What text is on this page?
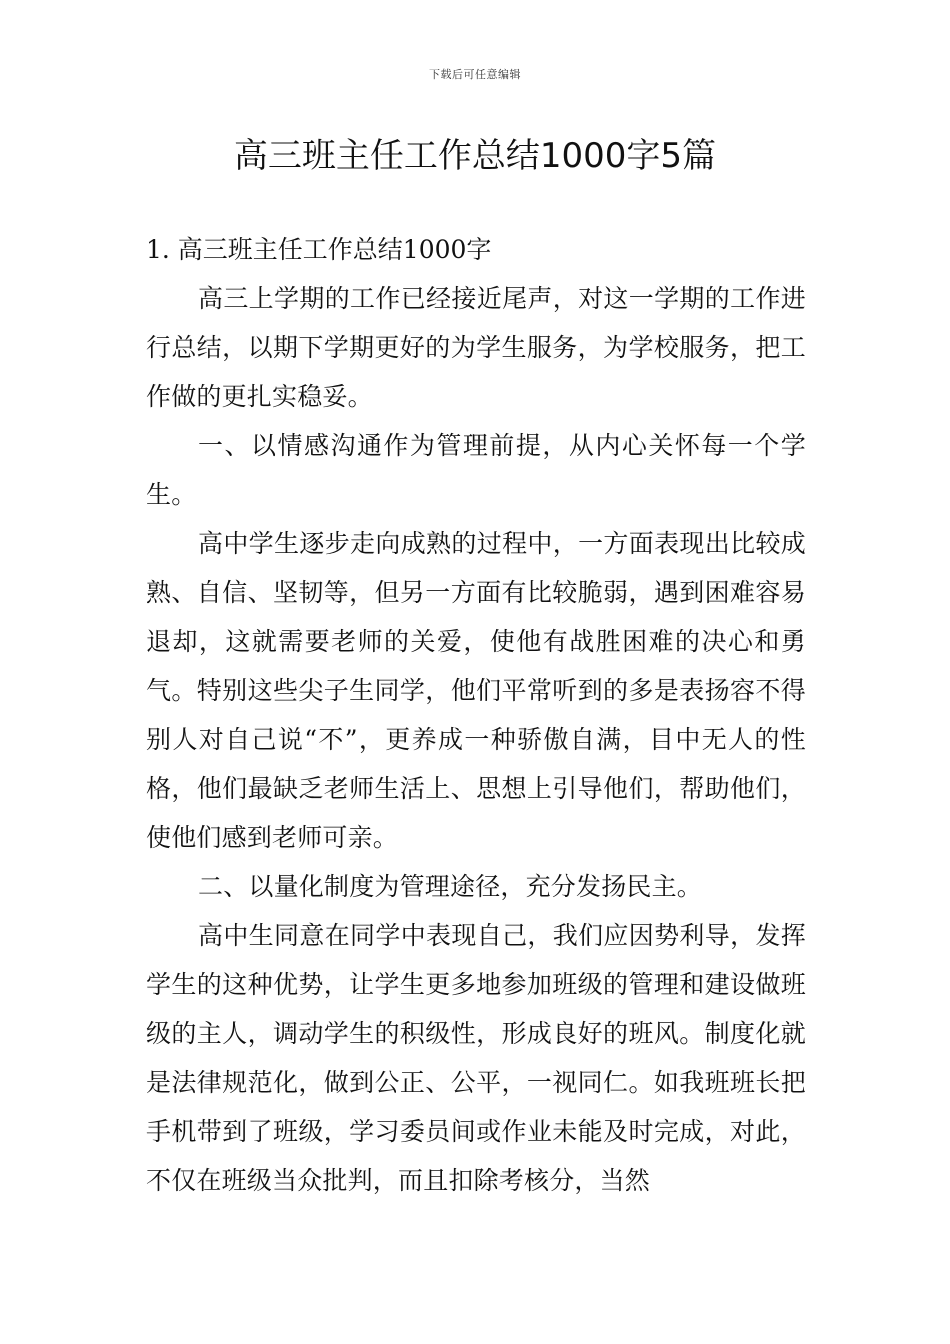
下载后可任意编辑
高三班主任工作总结1000字5篇

1. 高三班主任工作总结1000字

高三上学期的工作已经接近尾声，对这一学期的工作进行总结，以期下学期更好的为学生服务，为学校服务，把工作做的更扎实稳妥。

一、以情感沟通作为管理前提，从内心关怀每一个学生。

高中学生逐步走向成熟的过程中，一方面表现出比较成熟、自信、坚韧等，但另一方面有比较脆弱，遇到困难容易退却，这就需要老师的关爱，使他有战胜困难的决心和勇气。特别这些尖子生同学，他们平常听到的多是表扬容不得别人对自己说“不”，更养成一种骄傲自满，目中无人的性格，他们最缺乏老师生活上、思想上引导他们，帮助他们，使他们感到老师可亲。

二、以量化制度为管理途径，充分发扬民主。

高中生同意在同学中表现自己，我们应因势利导，发挥学生的这种优势，让学生更多地参加班级的管理和建设做班级的主人，调动学生的积级性，形成良好的班风。制度化就是法律规范化，做到公正、公平，一视同仁。如我班班长把手机带到了班级，学习委员间或作业未能及时完成，对此，不仅在班级当众批判，而且扣除考核分，当然
